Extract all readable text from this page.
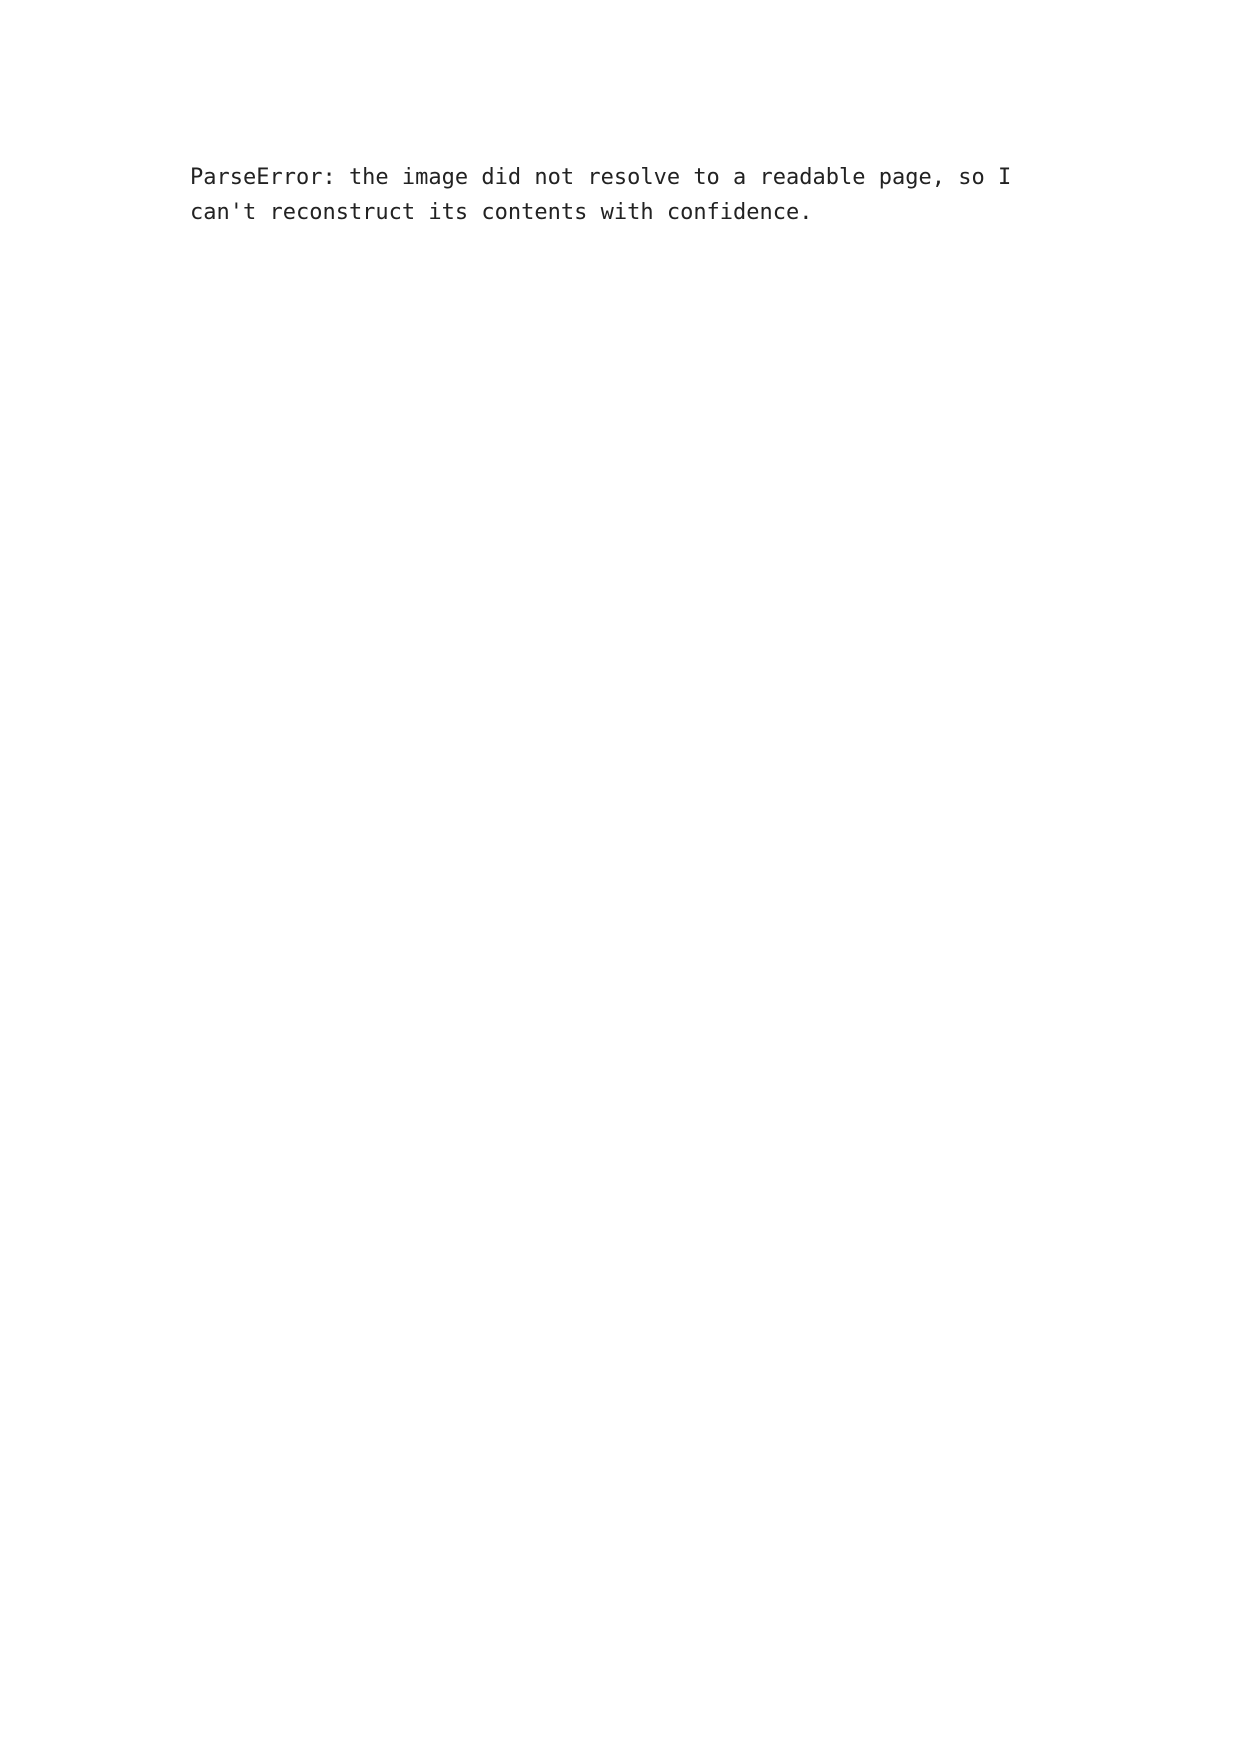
ParseError: the image did not resolve to a readable page, so I can't reconstruct its contents with confidence.
